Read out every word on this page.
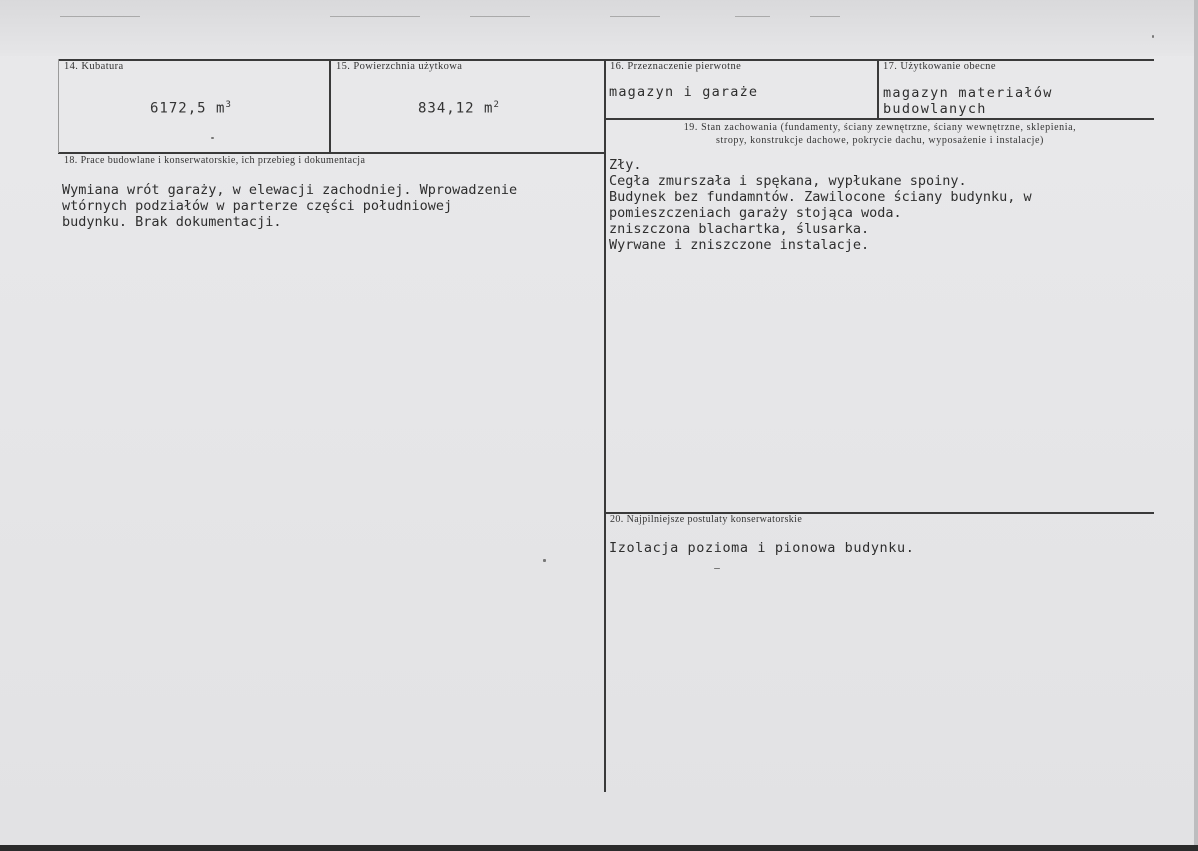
14. Kubatura
6172,5 $m^3$
15. Powierzchnia użytkowa
834,12 $m^2$
16. Przeznaczenie pierwotne
magazyn i garaże
17. Użytkowanie obecne
magazyn materiałów
budowlanych
18. Prace budowlane i konserwatorskie, ich przebieg i dokumentacja
Wymiana wrót garaży, w elewacji zachodniej. Wprowadzenie
wtórnych podziałów w parterze części południowej
budynku. Brak dokumentacji.
19. Stan zachowania (fundamenty, ściany zewnętrzne, ściany wewnętrzne, sklepienia,
stropy, konstrukcje dachowe, pokrycie dachu, wyposażenie i instalacje)
Zły.
Cegła zmurszała i spękana, wypłukane spoiny.
Budynek bez fundamntów. Zawilocone ściany budynku, w
pomieszczeniach garaży stojąca woda.
zniszczona blachartka, ślusarka.
Wyrwane i zniszczone instalacje.
20. Najpilniejsze postulaty konserwatorskie
Izolacja pozioma i pionowa budynku.
